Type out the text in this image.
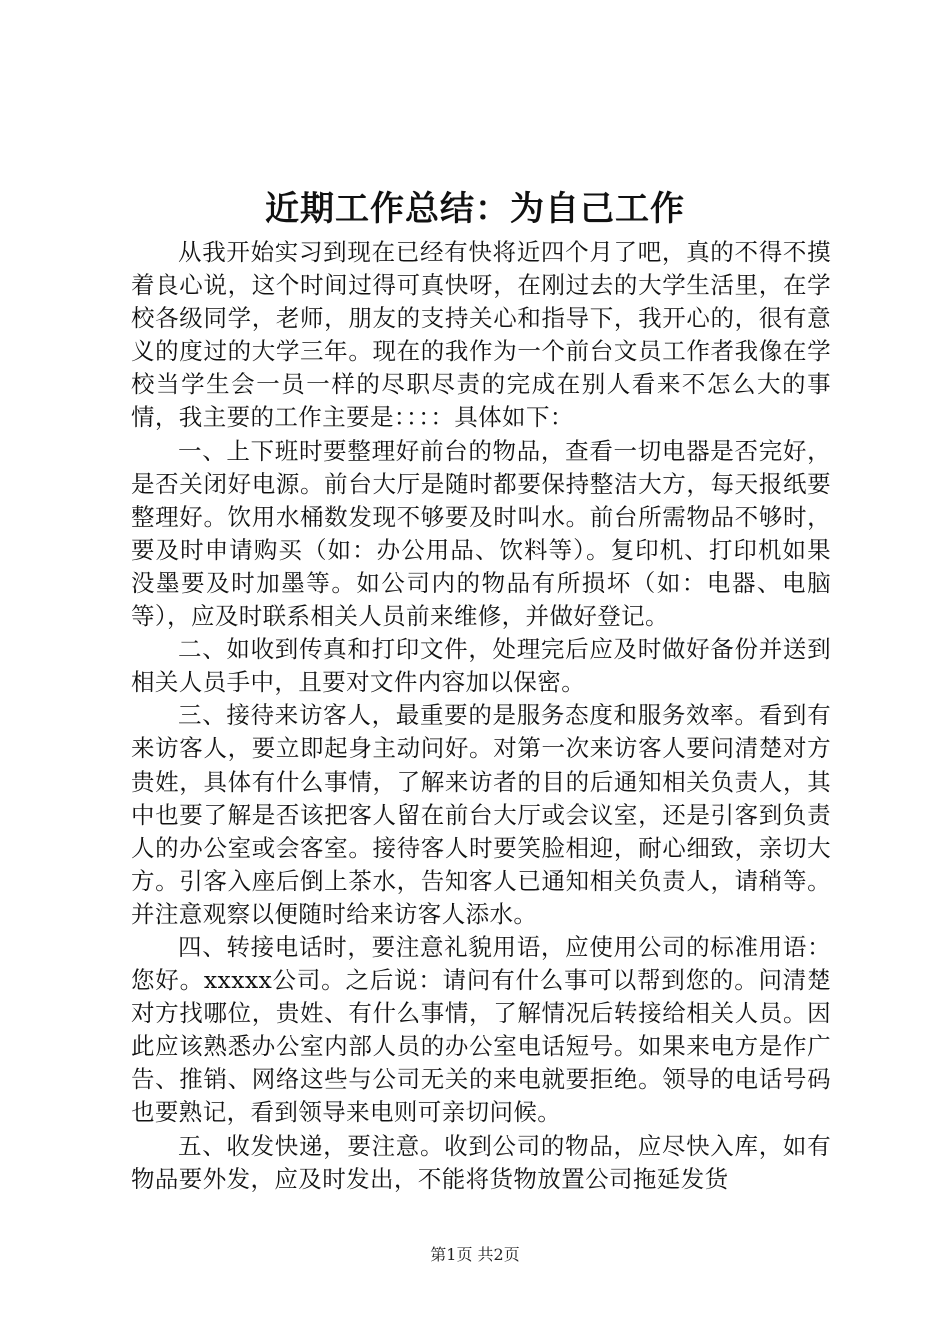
近期工作总结：为自己工作

从我开始实习到现在已经有快将近四个月了吧，真的不得不摸着良心说，这个时间过得可真快呀，在刚过去的大学生活里，在学校各级同学，老师，朋友的支持关心和指导下，我开心的，很有意义的度过的大学三年。现在的我作为一个前台文员工作者我像在学校当学生会一员一样的尽职尽责的完成在别人看来不怎么大的事情，我主要的工作主要是：：：：具体如下：

一、上下班时要整理好前台的物品，查看一切电器是否完好，是否关闭好电源。前台大厅是随时都要保持整洁大方，每天报纸要整理好。饮用水桶数发现不够要及时叫水。前台所需物品不够时，要及时申请购买（如：办公用品、饮料等）。复印机、打印机如果没墨要及时加墨等。如公司内的物品有所损坏（如：电器、电脑等），应及时联系相关人员前来维修，并做好登记。

二、如收到传真和打印文件，处理完后应及时做好备份并送到相关人员手中，且要对文件内容加以保密。

三、接待来访客人，最重要的是服务态度和服务效率。看到有来访客人，要立即起身主动问好。对第一次来访客人要问清楚对方贵姓，具体有什么事情，了解来访者的目的后通知相关负责人，其中也要了解是否该把客人留在前台大厅或会议室，还是引客到负责人的办公室或会客室。接待客人时要笑脸相迎，耐心细致，亲切大方。引客入座后倒上茶水，告知客人已通知相关负责人，请稍等。并注意观察以便随时给来访客人添水。

四、转接电话时，要注意礼貌用语，应使用公司的标准用语：您好。xxxxx公司。之后说：请问有什么事可以帮到您的。问清楚对方找哪位，贵姓、有什么事情，了解情况后转接给相关人员。因此应该熟悉办公室内部人员的办公室电话短号。如果来电方是作广告、推销、网络这些与公司无关的来电就要拒绝。领导的电话号码也要熟记，看到领导来电则可亲切问候。

五、收发快递，要注意。收到公司的物品，应尽快入库，如有物品要外发，应及时发出，不能将货物放置公司拖延发货

第1页 共2页
